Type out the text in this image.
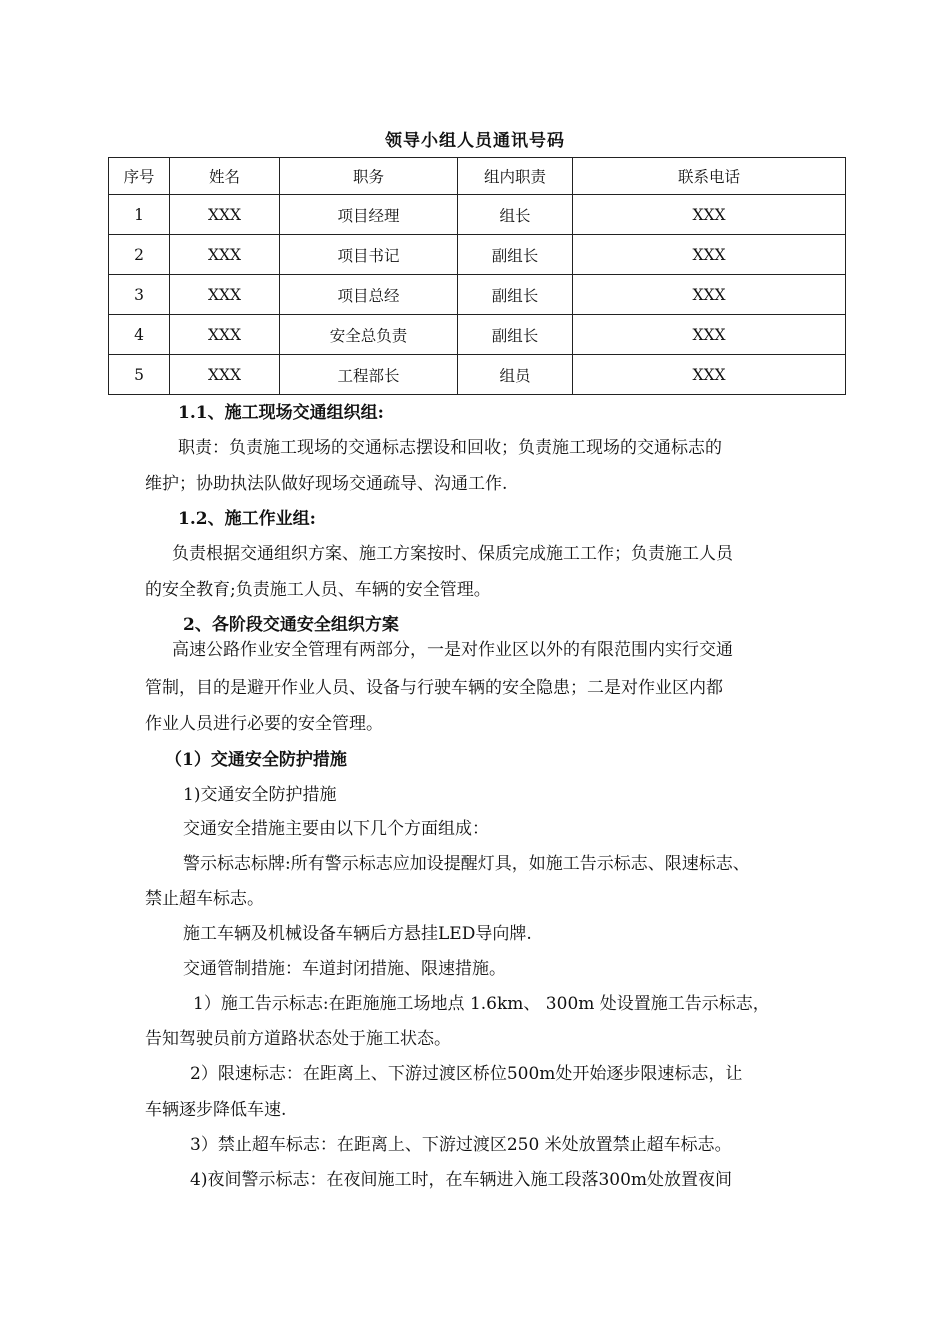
领导小组人员通讯号码
序号	姓名	职务	组内职责	联系电话
1	XXX	项目经理	组长	XXX
2	XXX	项目书记	副组长	XXX
3	XXX	项目总经	副组长	XXX
4	XXX	安全总负责	副组长	XXX
5	XXX	工程部长	组员	XXX
1.1、施工现场交通组织组:
职责：负责施工现场的交通标志摆设和回收；负责施工现场的交通标志的
维护；协助执法队做好现场交通疏导、沟通工作.
1.2、施工作业组:
负责根据交通组织方案、施工方案按时、保质完成施工工作；负责施工人员
的安全教育;负责施工人员、车辆的安全管理。
2、各阶段交通安全组织方案
高速公路作业安全管理有两部分，一是对作业区以外的有限范围内实行交通
管制，目的是避开作业人员、设备与行驶车辆的安全隐患；二是对作业区内都
作业人员进行必要的安全管理。
（1）交通安全防护措施
1)交通安全防护措施
交通安全措施主要由以下几个方面组成：
警示标志标牌:所有警示标志应加设提醒灯具，如施工告示标志、限速标志、
禁止超车标志。
施工车辆及机械设备车辆后方悬挂LED导向牌.
交通管制措施：车道封闭措施、限速措施。
1）施工告示标志:在距施施工场地点 1.6km、 300m 处设置施工告示标志，
告知驾驶员前方道路状态处于施工状态。
2）限速标志：在距离上、下游过渡区桥位500m处开始逐步限速标志，让
车辆逐步降低车速.
3）禁止超车标志：在距离上、下游过渡区250 米处放置禁止超车标志。
4)夜间警示标志：在夜间施工时，在车辆进入施工段落300m处放置夜间
